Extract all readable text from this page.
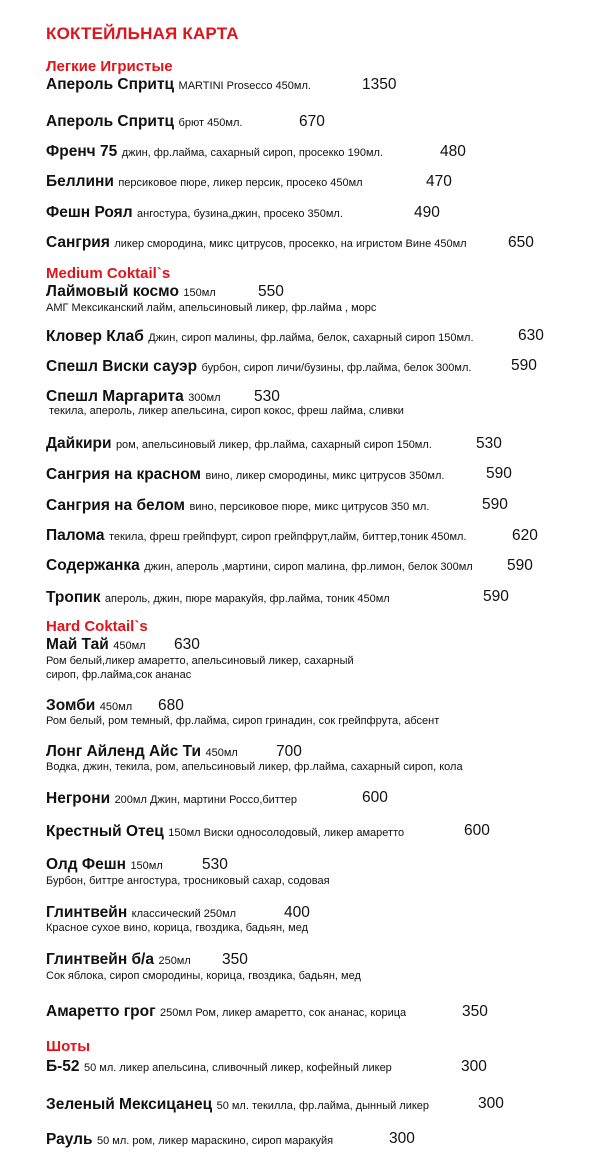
КОКТЕЙЛЬНАЯ КАРТА
Легкие Игристые
Medium Coktail`s
Hard Coktail`s
Шоты
Апероль Спритц MARTINI Prosecco 450мл.	1350
Апероль Спритц брют 450мл.	670
Френч 75 джин, фр.лайма, сахарный сироп, просекко 190мл.	480
Беллини персиковое пюре, ликер персик, просеко 450мл	470
Фешн Роял ангостура, бузина,джин, просеко 350мл.	490
Сангрия ликер смородина, микс цитрусов, просекко, на игристом Вине 450мл	650
Лаймовый космо 150мл	550
АМГ Мексиканский лайм, апельсиновый ликер, фр.лайма , морс
Кловер Клаб Джин, сироп малины, фр.лайма, белок, сахарный сироп 150мл.	630
Спешл Виски сауэр бурбон, сироп личи/бузины, фр.лайма, белок 300мл.	590
Спешл Маргарита 300мл 530
текила, апероль, ликер апельсина, сироп кокос, фреш лайма, сливки
Дайкири ром, апельсиновый ликер, фр.лайма, сахарный сироп 150мл.	530
Сангрия на красном вино, ликер смородины, микс цитрусов 350мл.	590
Сангрия на белом вино, персиковое пюре, микс цитрусов 350 мл.	590
Палома текила, фреш грейпфурт, сироп грейпфрут,лайм, биттер,тоник 450мл.	620
Содержанка джин, апероль ,мартини, сироп малина, фр.лимон, белок 300мл 590
Тропик апероль, джин, пюре маракуйя, фр.лайма, тоник 450мл	590
Май Тай 450мл 630
Ром белый,ликер амаретто, апельсиновый ликер, сахарный
сироп, фр.лайма,сок ананас
Зомби 450мл 680
Ром белый, ром темный, фр.лайма, сироп гринадин, сок грейпфрута, абсент
Лонг Айленд Айс Ти 450мл 700
Водка, джин, текила, ром, апельсиновый ликер, фр.лайма, сахарный сироп, кола
Негрони 200мл Джин, мартини Россо,биттер	600
Крестный Отец 150мл Виски односолодовый, ликер амаретто	600
Олд Фешн 150мл	530
Бурбон, биттре ангостура, тросниковый сахар, содовая
Глинтвейн классический 250мл	400
Красное сухое вино, корица, гвоздика, бадьян, мед
Глинтвейн б/а 250мл 350
Сок яблока, сироп смородины, корица, гвоздика, бадьян, мед
Амаретто грог 250мл Ром, ликер амаретто, сок ананас, корица	350
Б-52 50 мл. ликер апельсина, сливочный ликер, кофейный ликер	300
Зеленый Мексицанец 50 мл. текилла, фр.лайма, дынный ликер	300
Рауль 50 мл. ром, ликер мараскино, сироп маракуйя	300
